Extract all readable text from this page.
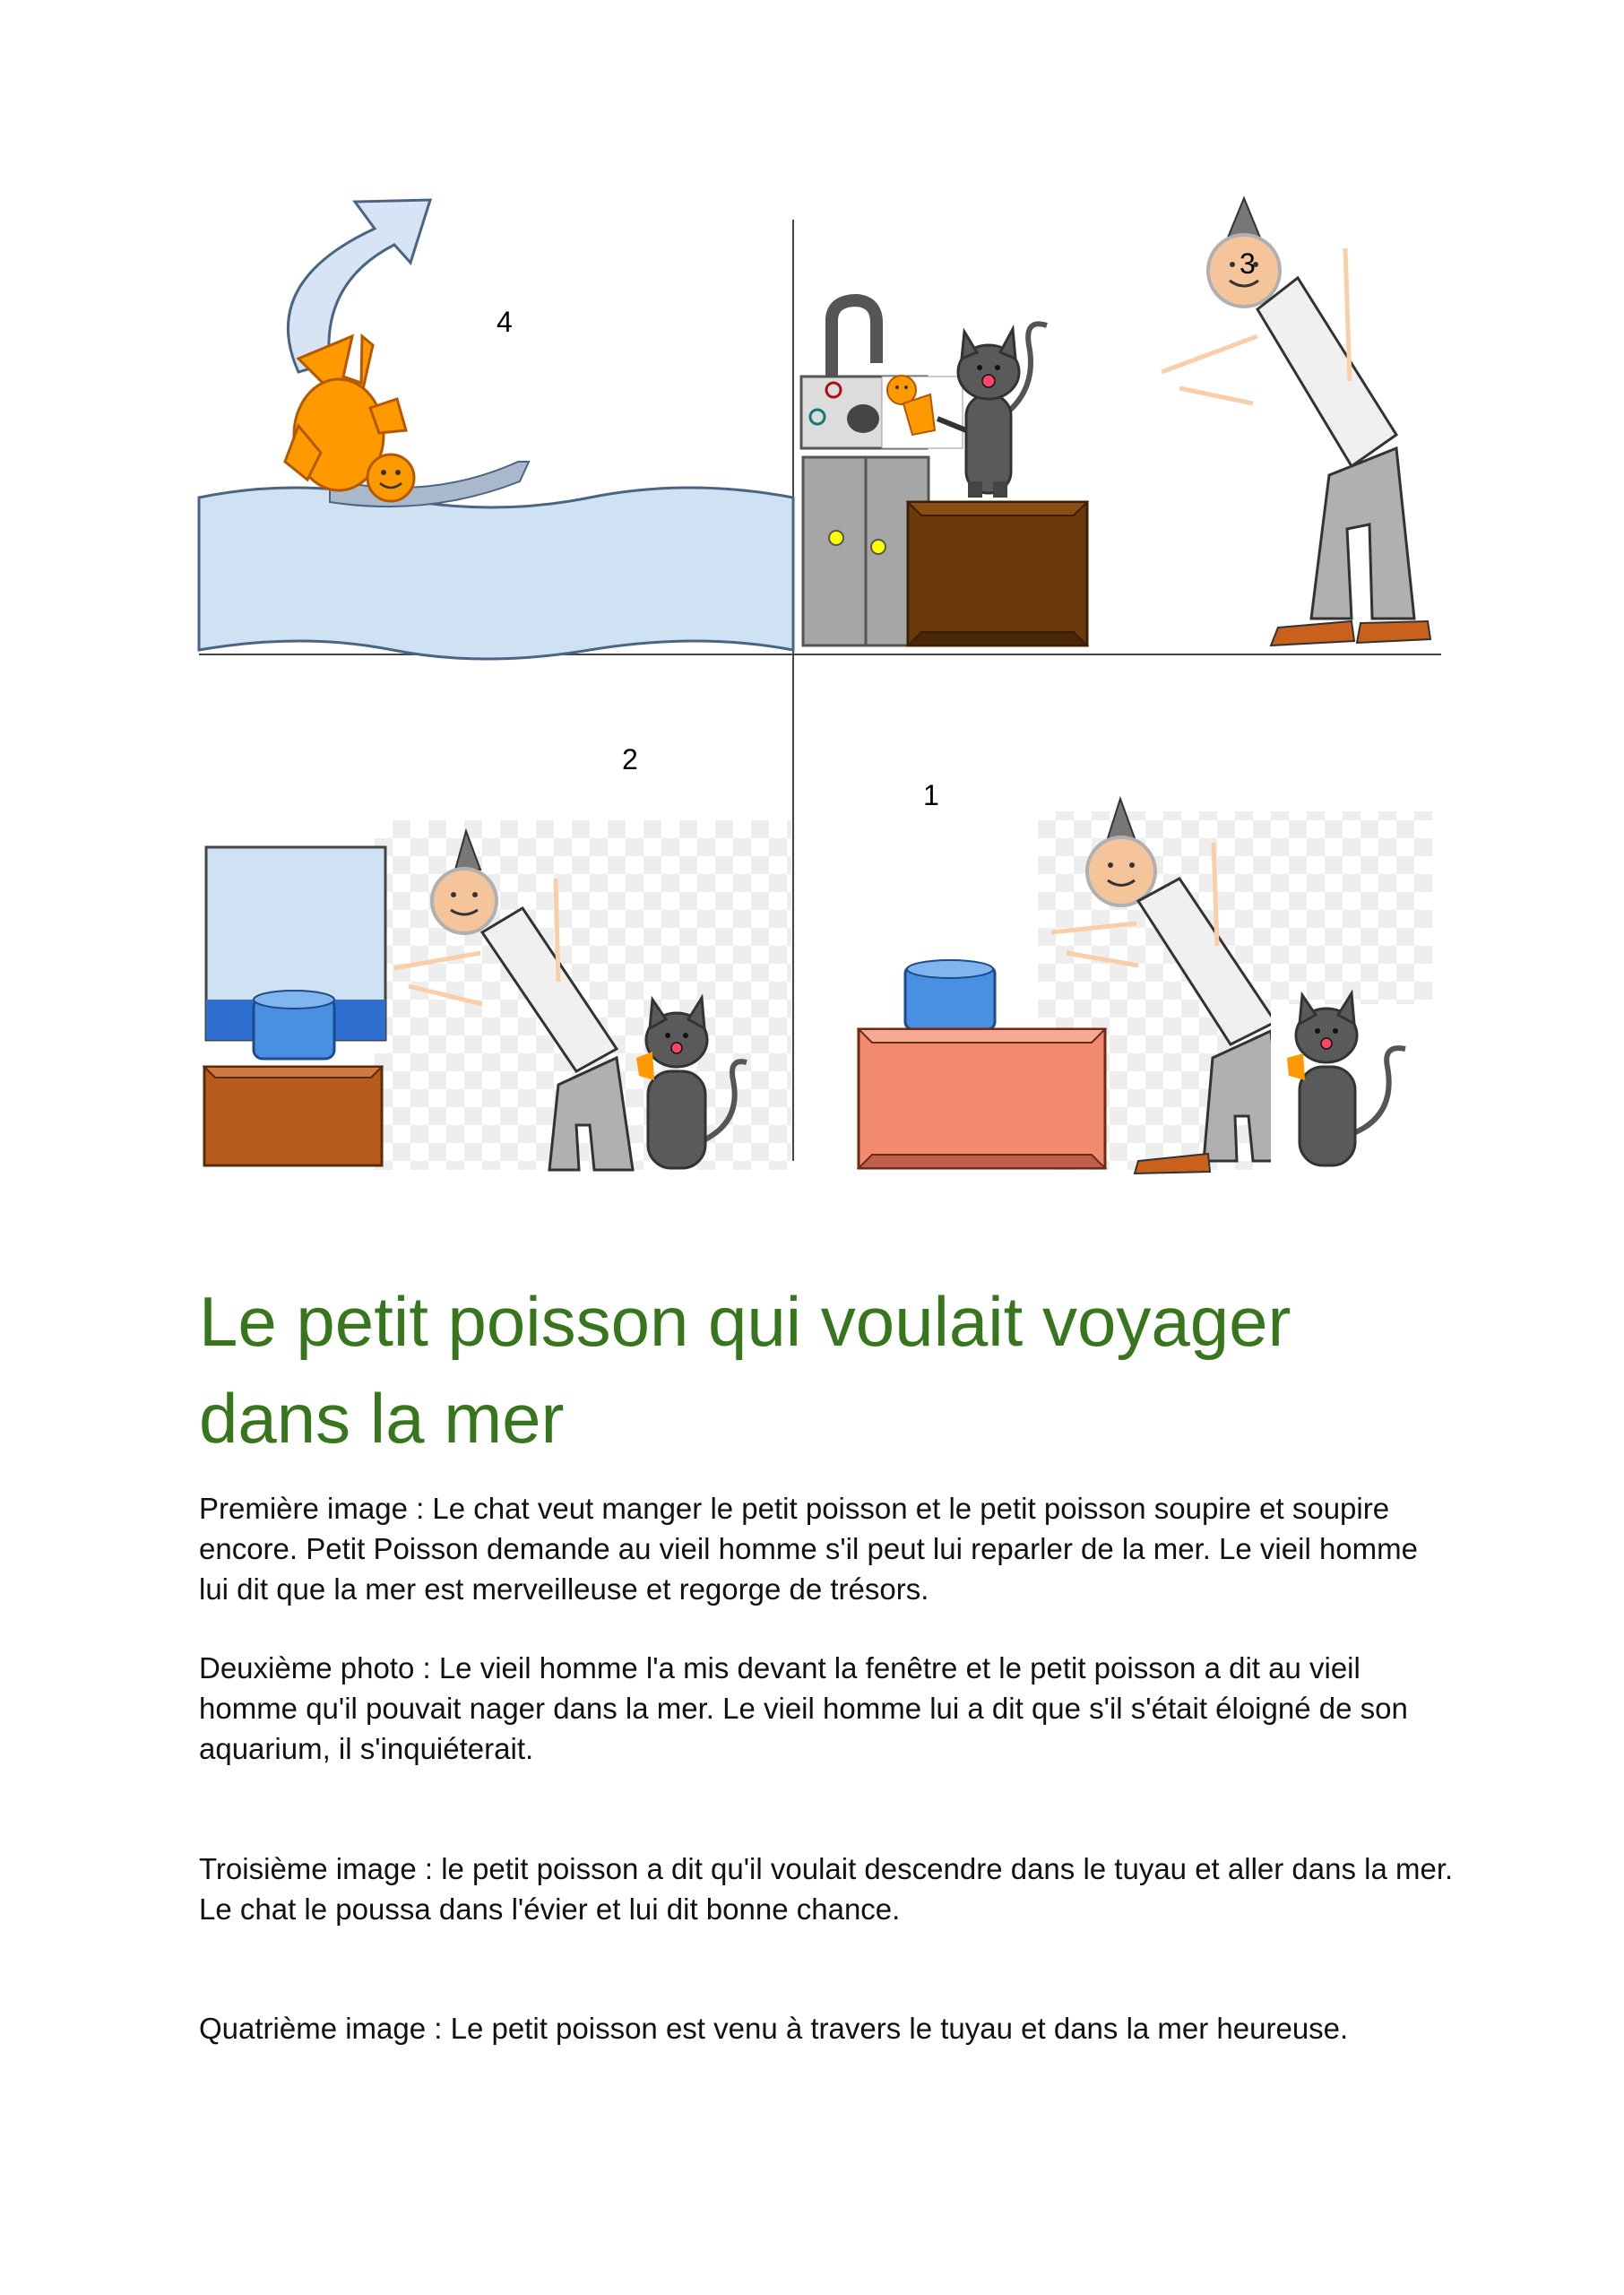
4
3
2
1
Le petit poisson qui voulait voyager dans la mer

Première image : Le chat veut manger le petit poisson et le petit poisson soupire et soupire encore. Petit Poisson demande au vieil homme s'il peut lui reparler de la mer. Le vieil homme lui dit que la mer est merveilleuse et regorge de trésors.

Deuxième photo : Le vieil homme l'a mis devant la fenêtre et le petit poisson a dit au vieil homme qu'il pouvait nager dans la mer. Le vieil homme lui a dit que s'il s'était éloigné de son aquarium, il s'inquiéterait.

Troisième image : le petit poisson a dit qu'il voulait descendre dans le tuyau et aller dans la mer. Le chat le poussa dans l'évier et lui dit bonne chance.

Quatrième image : Le petit poisson est venu à travers le tuyau et dans la mer heureuse.
